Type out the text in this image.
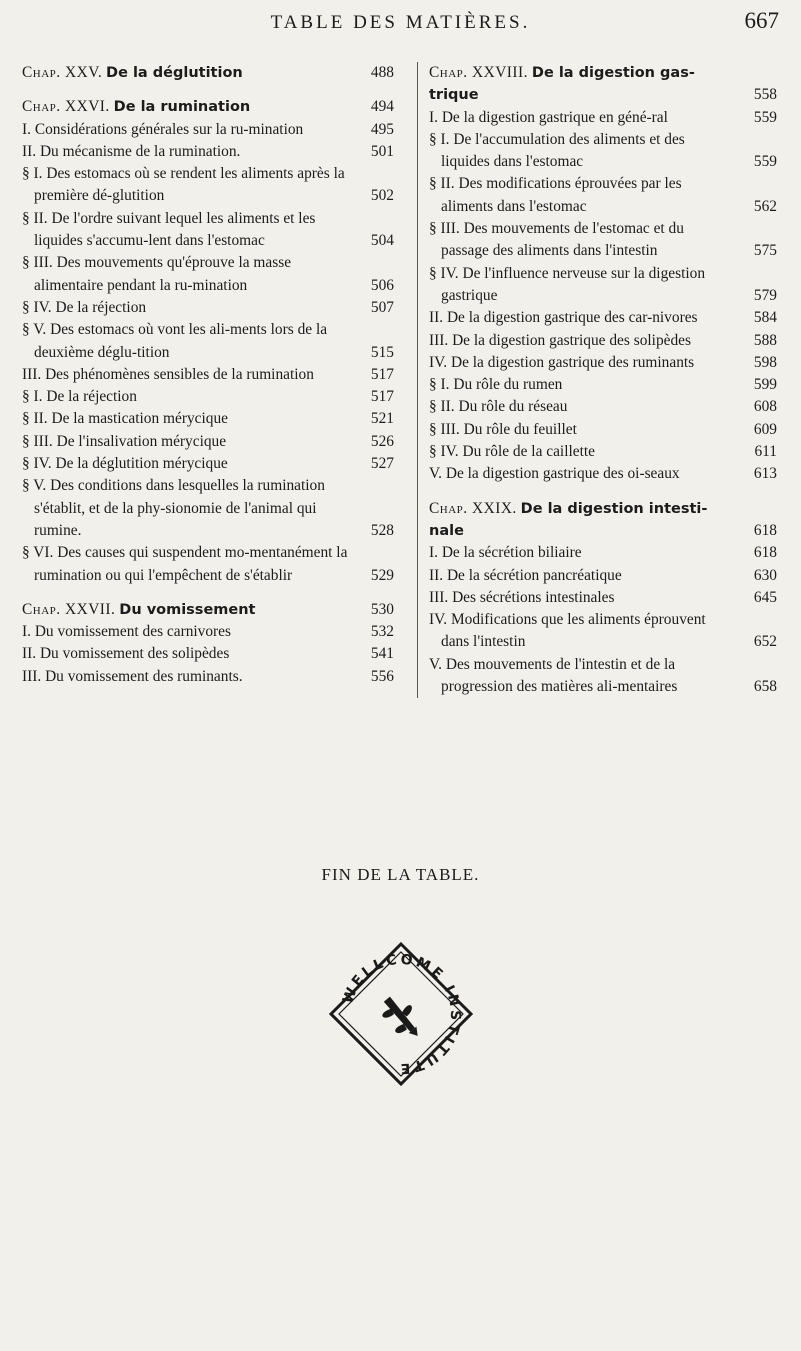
TABLE DES MATIÈRES.	667
Chap. XXV. De la déglutition	488
Chap. XXVI. De la rumination	494
I. Considérations générales sur la ru-mination	495
II. Du mécanisme de la rumination.	501
§ I. Des estomacs où se rendent les aliments après la première dé-glutition	502
§ II. De l'ordre suivant lequel les aliments et les liquides s'accumu-lent dans l'estomac	504
§ III. Des mouvements qu'éprouve la masse alimentaire pendant la ru-mination	506
§ IV. De la réjection	507
§ V. Des estomacs où vont les ali-ments lors de la deuxième déglu-tition	515
III. Des phénomènes sensibles de la rumination	517
§ I. De la réjection	517
§ II. De la mastication mérycique	521
§ III. De l'insalivation mérycique	526
§ IV. De la déglutition mérycique	527
§ V. Des conditions dans lesquelles la rumination s'établit, et de la phy-sionomie de l'animal qui rumine.	528
§ VI. Des causes qui suspendent mo-mentanément la rumination ou qui l'empêchent de s'établir	529
Chap. XXVII. Du vomissement	530
I. Du vomissement des carnivores	532
II. Du vomissement des solipèdes	541
III. Du vomissement des ruminants.	556
Chap. XXVIII. De la digestion gas-trique	558
I. De la digestion gastrique en géné-ral	559
§ I. De l'accumulation des aliments et des liquides dans l'estomac	559
§ II. Des modifications éprouvées par les aliments dans l'estomac	562
§ III. Des mouvements de l'estomac et du passage des aliments dans l'intestin	575
§ IV. De l'influence nerveuse sur la digestion gastrique	579
II. De la digestion gastrique des car-nivores	584
III. De la digestion gastrique des solipèdes	588
IV. De la digestion gastrique des ruminants	598
§ I. Du rôle du rumen	599
§ II. Du rôle du réseau	608
§ III. Du rôle du feuillet	609
§ IV. Du rôle de la caillette	611
V. De la digestion gastrique des oi-seaux	613
Chap. XXIX. De la digestion intesti-nale	618
I. De la sécrétion biliaire	618
II. De la sécrétion pancréatique	630
III. Des sécrétions intestinales	645
IV. Modifications que les aliments éprouvent dans l'intestin	652
V. Des mouvements de l'intestin et de la progression des matières ali-mentaires	658
FIN DE LA TABLE.
WELLCOME INSTITUTE
